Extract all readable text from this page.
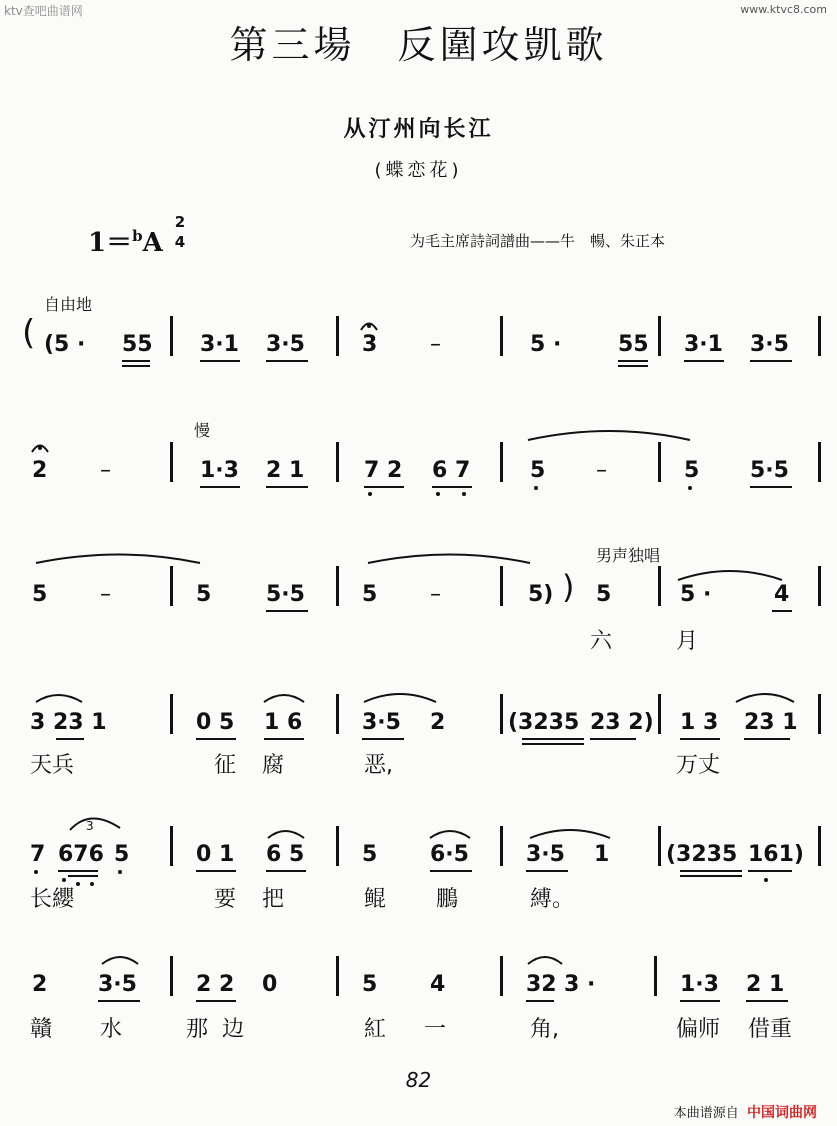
ktv查吧曲谱网	www.ktvc8.com
第三場　反圍攻凱歌
从汀州向长江
(蝶恋花)
1＝$^b$A
2
4	为毛主席詩詞譜曲——牛　暢、朱正本
自由地
慢
男声独唱
3
( (5 · 55 3·1 3·5	3 –	5 ·	55 3·1 3·5
2 –	1·3 2 1	7 2 6 7	5 –	5 5·5
5 –	5 5·5	5 –	5) ) 5	5 ·	4
六	月
3 23 1	0 5 1 6	3·5 2	(3235 23 2) 1 3 23 1
天兵	征腐 恶,	万丈
7 676 5	0 1 6 5	5 6·5	3·5 1	(3235 161)
长纓	要把 鲲 鵬	縛。
2 3·5	2 2 0	5 4	32 3 ·	1·3 2 1
贛 水	那边	紅 一	角,	偏师 借重
82
本曲谱源自 中国词曲网
